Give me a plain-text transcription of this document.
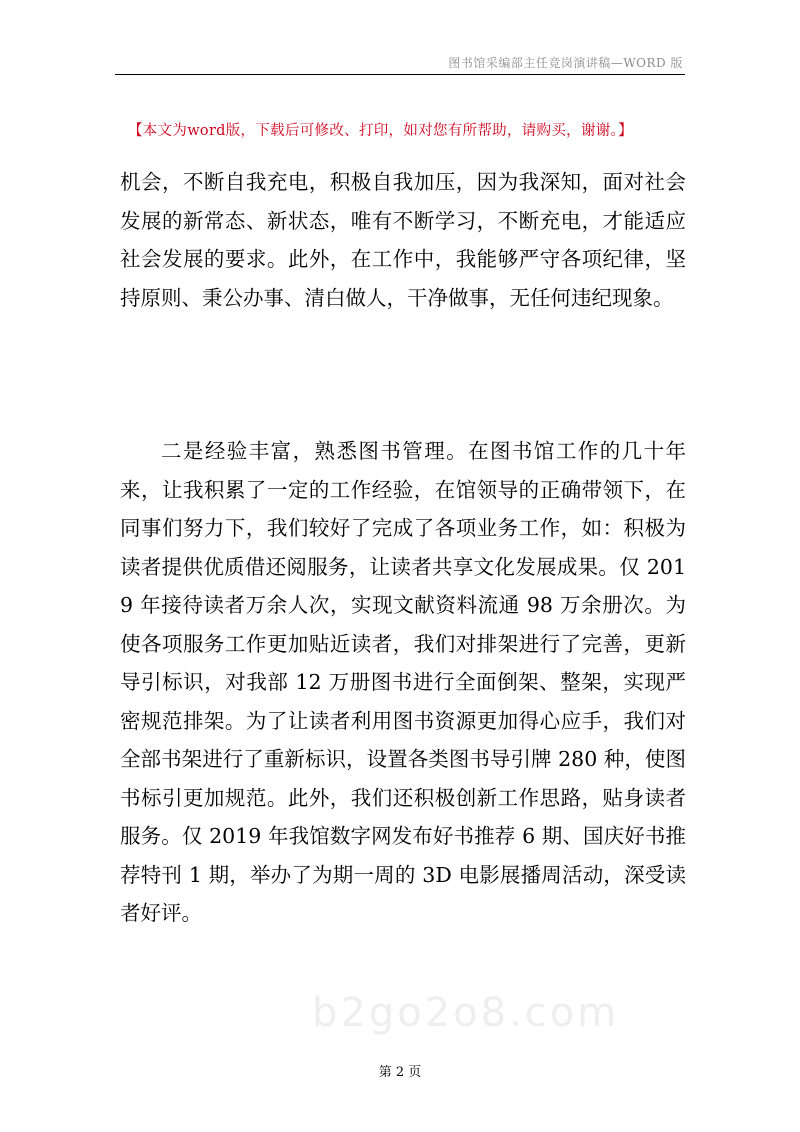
图书馆采编部主任竞岗演讲稿—WORD 版
【本文为word版，下载后可修改、打印，如对您有所帮助，请购买，谢谢。】

机会，不断自我充电，积极自我加压，因为我深知，面对社会发展的新常态、新状态，唯有不断学习，不断充电，才能适应社会发展的要求。此外，在工作中，我能够严守各项纪律，坚持原则、秉公办事、清白做人，干净做事，无任何违纪现象。

二是经验丰富，熟悉图书管理。在图书馆工作的几十年来，让我积累了一定的工作经验，在馆领导的正确带领下，在同事们努力下，我们较好了完成了各项业务工作，如：积极为读者提供优质借还阅服务，让读者共享文化发展成果。仅 2019 年接待读者万余人次，实现文献资料流通 98 万余册次。为使各项服务工作更加贴近读者，我们对排架进行了完善，更新导引标识，对我部 12 万册图书进行全面倒架、整架，实现严密规范排架。为了让读者利用图书资源更加得心应手，我们对全部书架进行了重新标识，设置各类图书导引牌 280 种，使图书标引更加规范。此外，我们还积极创新工作思路，贴身读者服务。仅 2019 年我馆数字网发布好书推荐 6 期、国庆好书推荐特刊 1 期，举办了为期一周的 3D 电影展播周活动，深受读者好评。

b2go2o8.com
第 2 页
